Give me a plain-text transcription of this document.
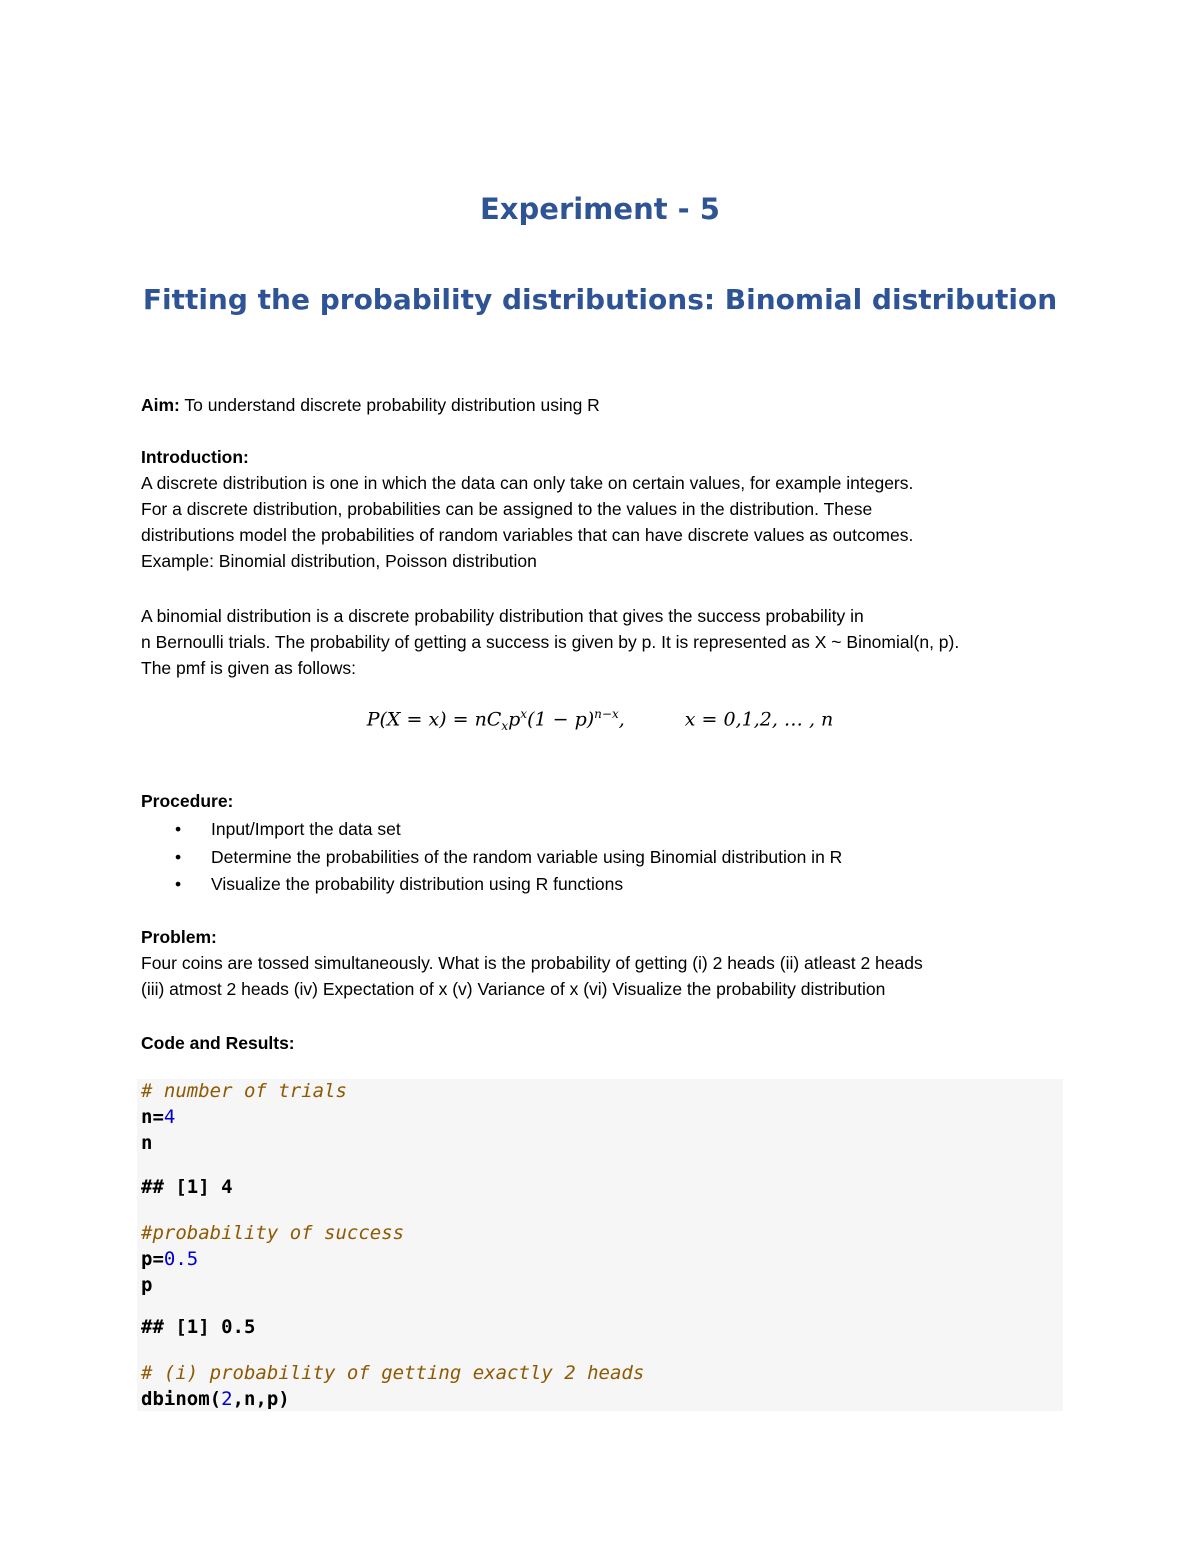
Experiment - 5
Fitting the probability distributions: Binomial distribution
Aim: To understand discrete probability distribution using R
Introduction:
A discrete distribution is one in which the data can only take on certain values, for example integers.
For a discrete distribution, probabilities can be assigned to the values in the distribution. These
distributions model the probabilities of random variables that can have discrete values as outcomes.
Example: Binomial distribution, Poisson distribution
A binomial distribution is a discrete probability distribution that gives the success probability in
n Bernoulli trials. The probability of getting a success is given by p. It is represented as X ~ Binomial(n, p).
The pmf is given as follows:
$P(X = x) = nC_xp^x(1 - p)^{n-x}$,	x = 0,1,2, … , n
Procedure:
• Input/Import the data set
• Determine the probabilities of the random variable using Binomial distribution in R
• Visualize the probability distribution using R functions
Problem:
Four coins are tossed simultaneously. What is the probability of getting (i) 2 heads (ii) atleast 2 heads
(iii) atmost 2 heads (iv) Expectation of x (v) Variance of x (vi) Visualize the probability distribution
Code and Results:
# number of trials
n=4
n
## [1] 4
#probability of success
p=0.5
p
## [1] 0.5
# (i) probability of getting exactly 2 heads
dbinom(2,n,p)
